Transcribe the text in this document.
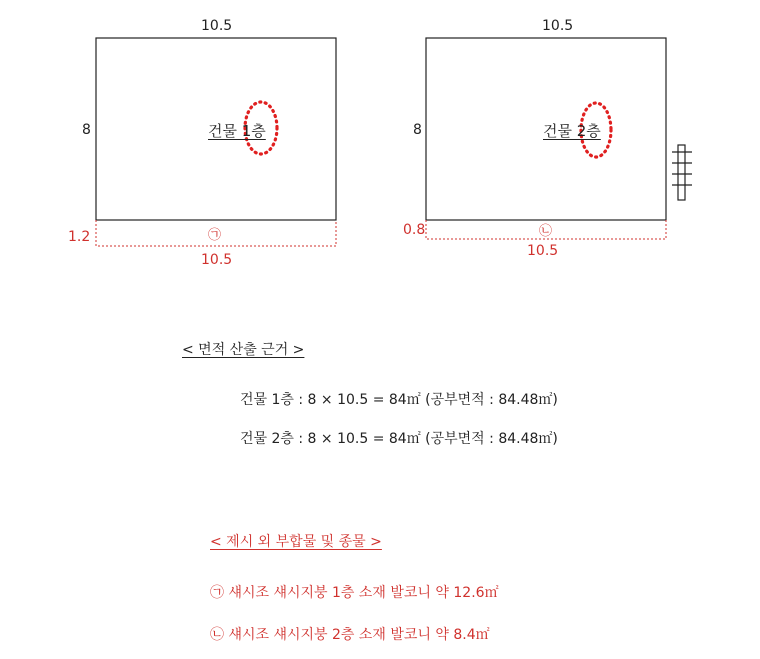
10.5
8	건물 1층
1.2	㉠
10.5
10.5
8	건물 2층
0.8	㉡
10.5
< 면적 산출 근거 >
건물 1층 : 8 × 10.5 = 84㎡ (공부면적 : 84.48㎡)
건물 2층 : 8 × 10.5 = 84㎡ (공부면적 : 84.48㎡)
< 제시 외 부합물 및 종물 >
㉠ 섀시조 섀시지붕 1층 소재 발코니 약 12.6㎡
㉡ 섀시조 섀시지붕 2층 소재 발코니 약 8.4㎡
